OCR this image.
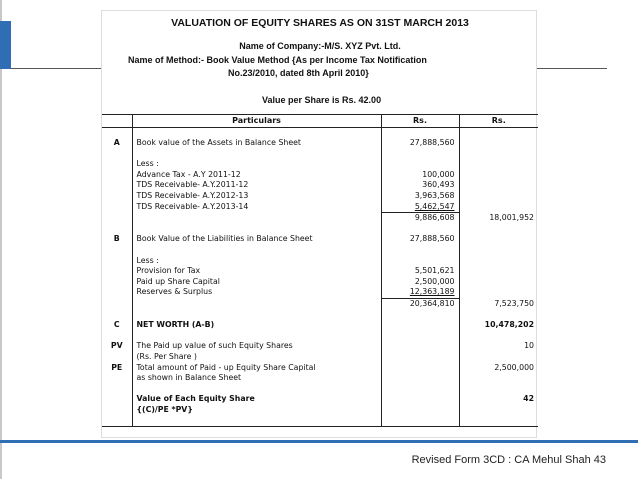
VALUATION OF EQUITY SHARES AS ON 31ST MARCH 2013
Name of Company:-M/S. XYZ Pvt. Ltd.
Name of Method:- Book Value Method {As per Income Tax Notification
No.23/2010, dated 8th April 2010}
Value per Share is Rs. 42.00
	Particulars	Rs.	Rs.

A	Book value of the Assets in Balance Sheet	27,888,560	

	Less :		
	Advance Tax - A.Y 2011-12	100,000	
	TDS Receivable- A.Y.2011-12	360,493	
	TDS Receivable- A.Y.2012-13	3,963,568	
	TDS Receivable- A.Y.2013-14	5,462,547	
		9,886,608	18,001,952

B	Book Value of the Liabilities in Balance Sheet	27,888,560	

	Less :		
	Provision for Tax	5,501,621	
	Paid up Share Capital	2,500,000	
	Reserves & Surplus	12,363,189	
		20,364,810	7,523,750

C	NET WORTH (A-B)		10,478,202

PV	The Paid up value of such Equity Shares		10
	(Rs. Per Share )		
PE	Total amount of Paid - up Equity Share Capital		2,500,000
	as shown in Balance Sheet		

	Value of Each Equity Share		42
	{(C)/PE *PV}		

Revised Form 3CD : CA Mehul Shah 43
